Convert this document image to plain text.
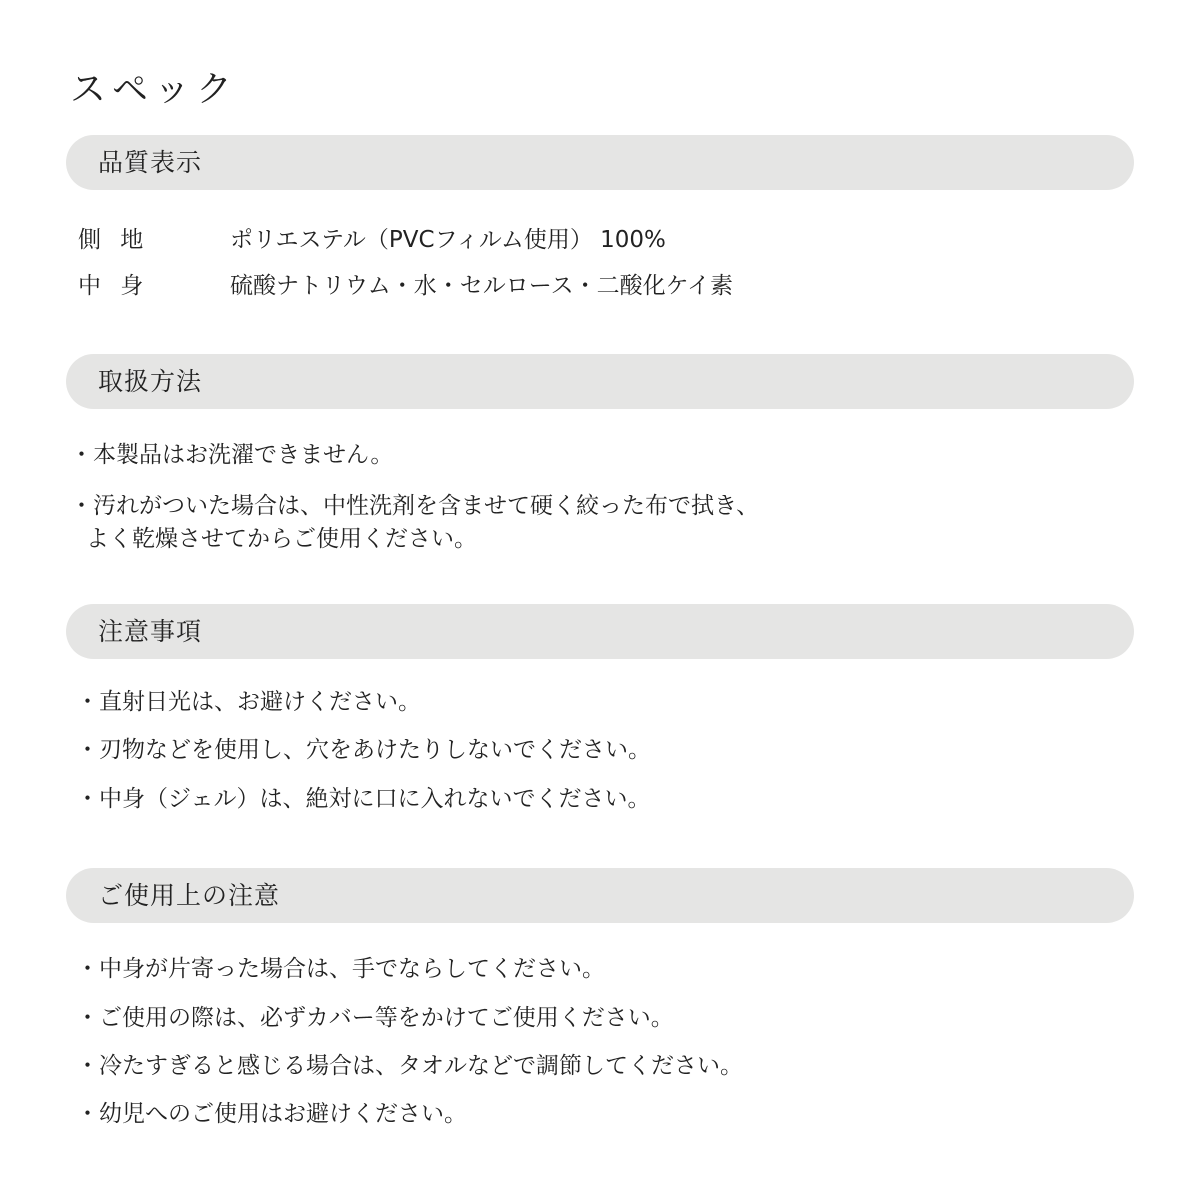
スペック
品質表示
側 地	ポリエステル（PVCフィルム使用） 100%
中 身	硫酸ナトリウム・水・セルロース・二酸化ケイ素
取扱方法
・本製品はお洗濯できません。
・汚れがついた場合は、中性洗剤を含ませて硬く絞った布で拭き、
よく乾燥させてからご使用ください。
注意事項
・直射日光は、お避けください。
・刃物などを使用し、穴をあけたりしないでください。
・中身（ジェル）は、絶対に口に入れないでください。
ご使用上の注意
・中身が片寄った場合は、手でならしてください。
・ご使用の際は、必ずカバー等をかけてご使用ください。
・冷たすぎると感じる場合は、タオルなどで調節してください。
・幼児へのご使用はお避けください。
